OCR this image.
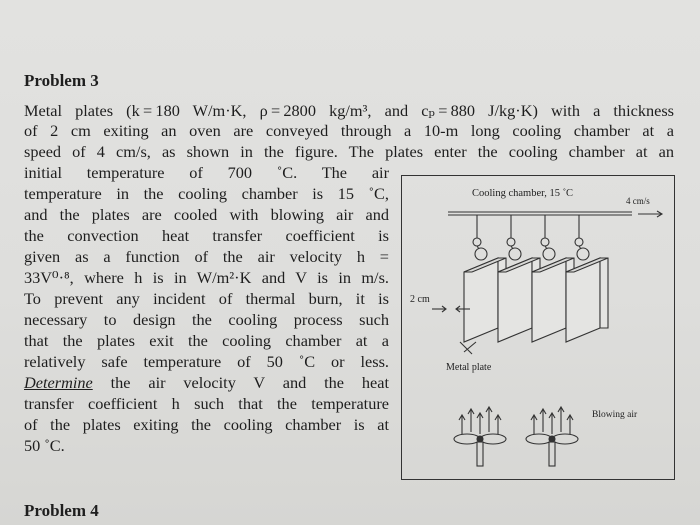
Problem 3
Metal plates (k = 180 W/m·K, ρ = 2800 kg/m³, and cₚ = 880 J/kg·K) with a thickness
of 2 cm exiting an oven are conveyed through a 10-m long cooling chamber at a
speed of 4 cm/s, as shown in the figure. The plates enter the cooling chamber at an
initial temperature of 700 ˚C. The air
temperature in the cooling chamber is 15 ˚C,
and the plates are cooled with blowing air and
the convection heat transfer coefficient is
given as a function of the air velocity h =
33V⁰·⁸, where h is in W/m²·K and V is in m/s.
To prevent any incident of thermal burn, it is
necessary to design the cooling process such
that the plates exit the cooling chamber at a
relatively safe temperature of 50 ˚C or less.
Determine the air velocity V and the heat
transfer coefficient h such that the temperature
of the plates exiting the cooling chamber is at
50 ˚C.
Problem 4
Cooling chamber, 15 ˚C
4 cm/s
2 cm
Metal plate
Blowing air
